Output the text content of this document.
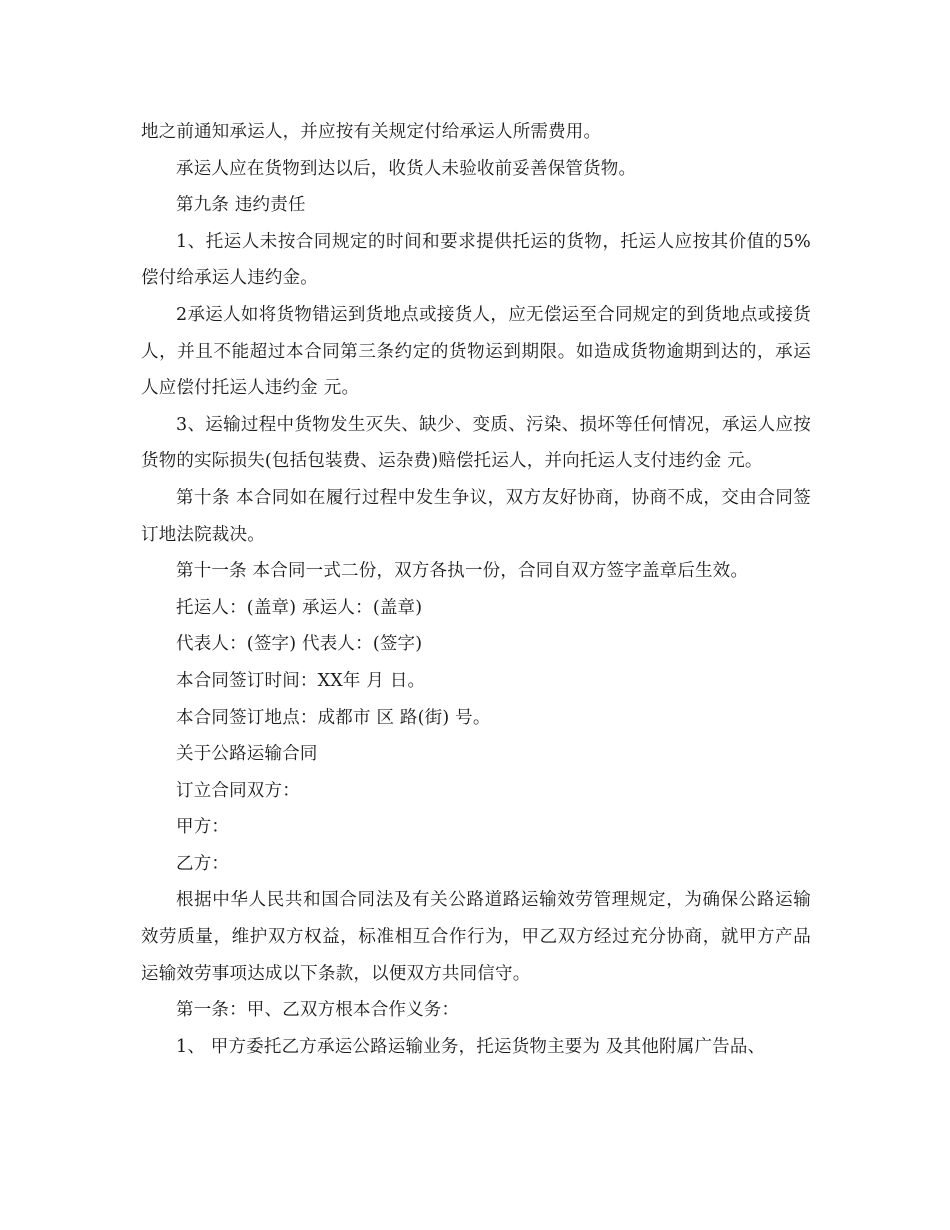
地之前通知承运人，并应按有关规定付给承运人所需费用。

承运人应在货物到达以后，收货人未验收前妥善保管货物。

第九条 违约责任

1、托运人未按合同规定的时间和要求提供托运的货物，托运人应按其价值的5%偿付给承运人违约金。

2承运人如将货物错运到货地点或接货人，应无偿运至合同规定的到货地点或接货人，并且不能超过本合同第三条约定的货物运到期限。如造成货物逾期到达的，承运人应偿付托运人违约金 元。

3、运输过程中货物发生灭失、缺少、变质、污染、损坏等任何情况，承运人应按货物的实际损失(包括包装费、运杂费)赔偿托运人，并向托运人支付违约金 元。

第十条 本合同如在履行过程中发生争议，双方友好协商，协商不成，交由合同签订地法院裁决。

第十一条 本合同一式二份，双方各执一份，合同自双方签字盖章后生效。

托运人：(盖章) 承运人：(盖章)

代表人：(签字) 代表人：(签字)

本合同签订时间：XX年 月 日。

本合同签订地点：成都市 区 路(街) 号。

关于公路运输合同

订立合同双方：

甲方：

乙方：

根据中华人民共和国合同法及有关公路道路运输效劳管理规定，为确保公路运输效劳质量，维护双方权益，标准相互合作行为，甲乙双方经过充分协商，就甲方产品运输效劳事项达成以下条款，以便双方共同信守。

第一条：甲、乙双方根本合作义务：

1、 甲方委托乙方承运公路运输业务，托运货物主要为 及其他附属广告品、
